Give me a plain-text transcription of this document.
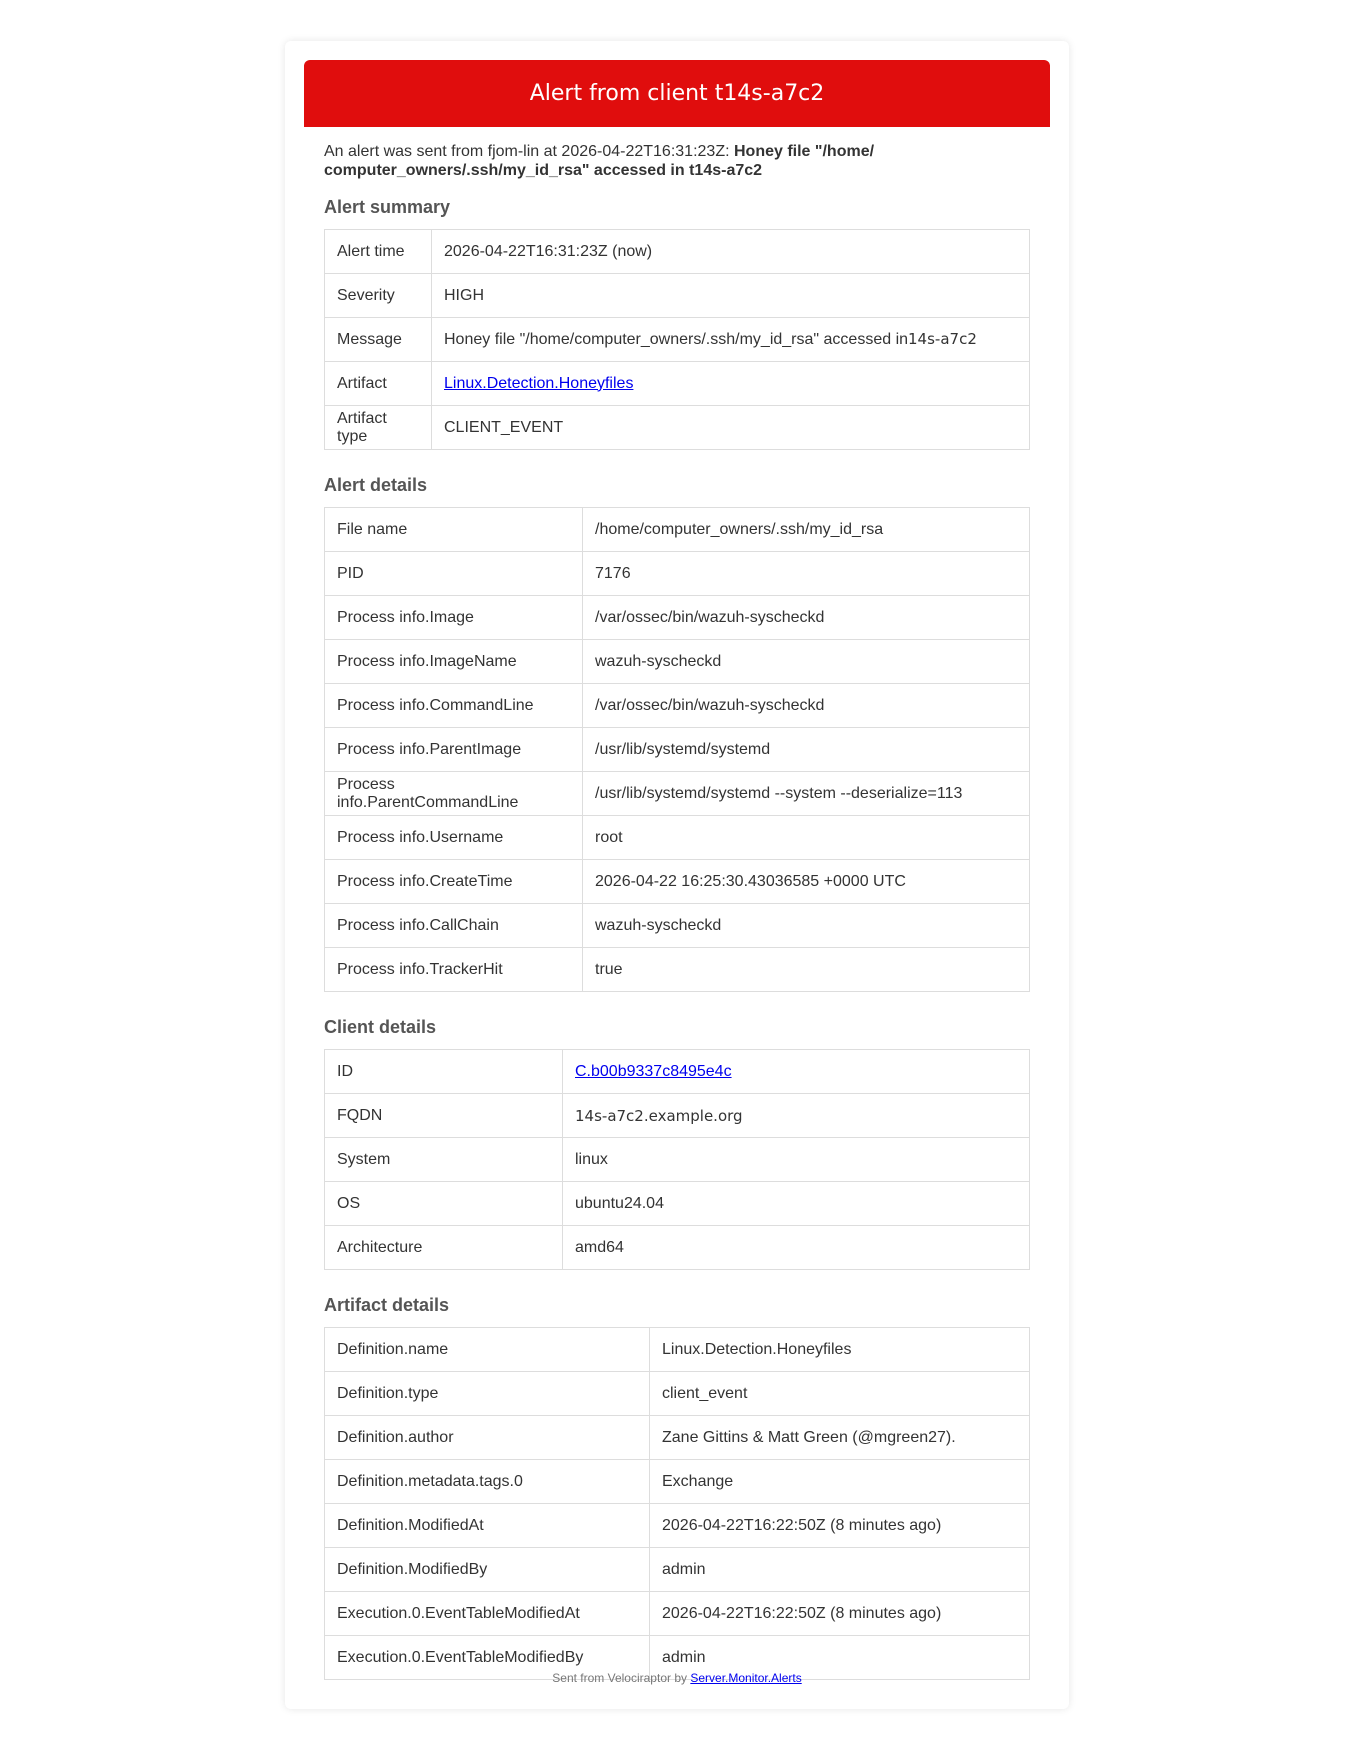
Alert from client t14s-a7c2

An alert was sent from fjom-lin at 2026-04-22T16:31:23Z: Honey file "/home/ computer_owners/.ssh/my_id_rsa" accessed in t14s-a7c2

Alert summary
Alert time	2026-04-22T16:31:23Z (now)
Severity	HIGH
Message	Honey file "/home/computer_owners/.ssh/my_id_rsa" accessed in14s-a7c2
Artifact	Linux.Detection.Honeyfiles
Artifact type	CLIENT_EVENT
Alert details
File name	/home/computer_owners/.ssh/my_id_rsa
PID	7176
Process info.Image	/var/ossec/bin/wazuh-syscheckd
Process info.ImageName	wazuh-syscheckd
Process info.CommandLine	/var/ossec/bin/wazuh-syscheckd
Process info.ParentImage	/usr/lib/systemd/systemd
Process info.ParentCommandLine	/usr/lib/systemd/systemd --system --deserialize=113
Process info.Username	root
Process info.CreateTime	2026-04-22 16:25:30.43036585 +0000 UTC
Process info.CallChain	wazuh-syscheckd
Process info.TrackerHit	true
Client details
ID	C.b00b9337c8495e4c
FQDN	14s-a7c2.example.org
System	linux
OS	ubuntu24.04
Architecture	amd64
Artifact details
Definition.name	Linux.Detection.Honeyfiles
Definition.type	client_event
Definition.author	Zane Gittins & Matt Green (@mgreen27).
Definition.metadata.tags.0	Exchange
Definition.ModifiedAt	2026-04-22T16:22:50Z (8 minutes ago)
Definition.ModifiedBy	admin
Execution.0.EventTableModifiedAt	2026-04-22T16:22:50Z (8 minutes ago)
Execution.0.EventTableModifiedBy	admin
Sent from Velociraptor by Server.Monitor.Alerts
